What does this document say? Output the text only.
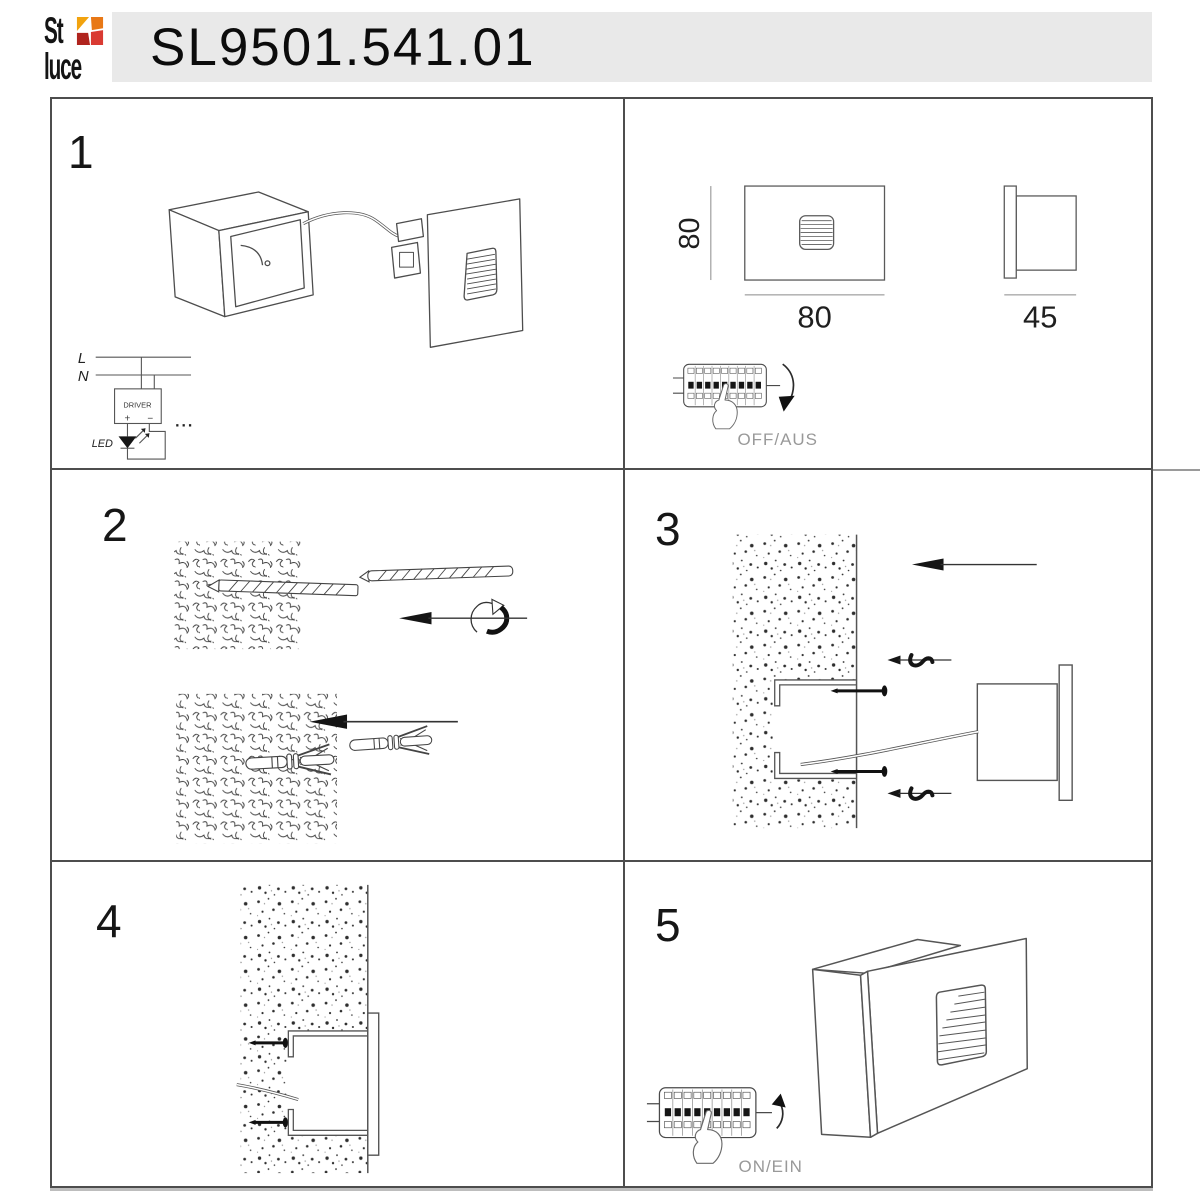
St
luce SL9501.541.01
1
L
N
DRIVER
+ −
LED
...
80
80	45
OFF/AUS
2	3
4	5
ON/EIN
